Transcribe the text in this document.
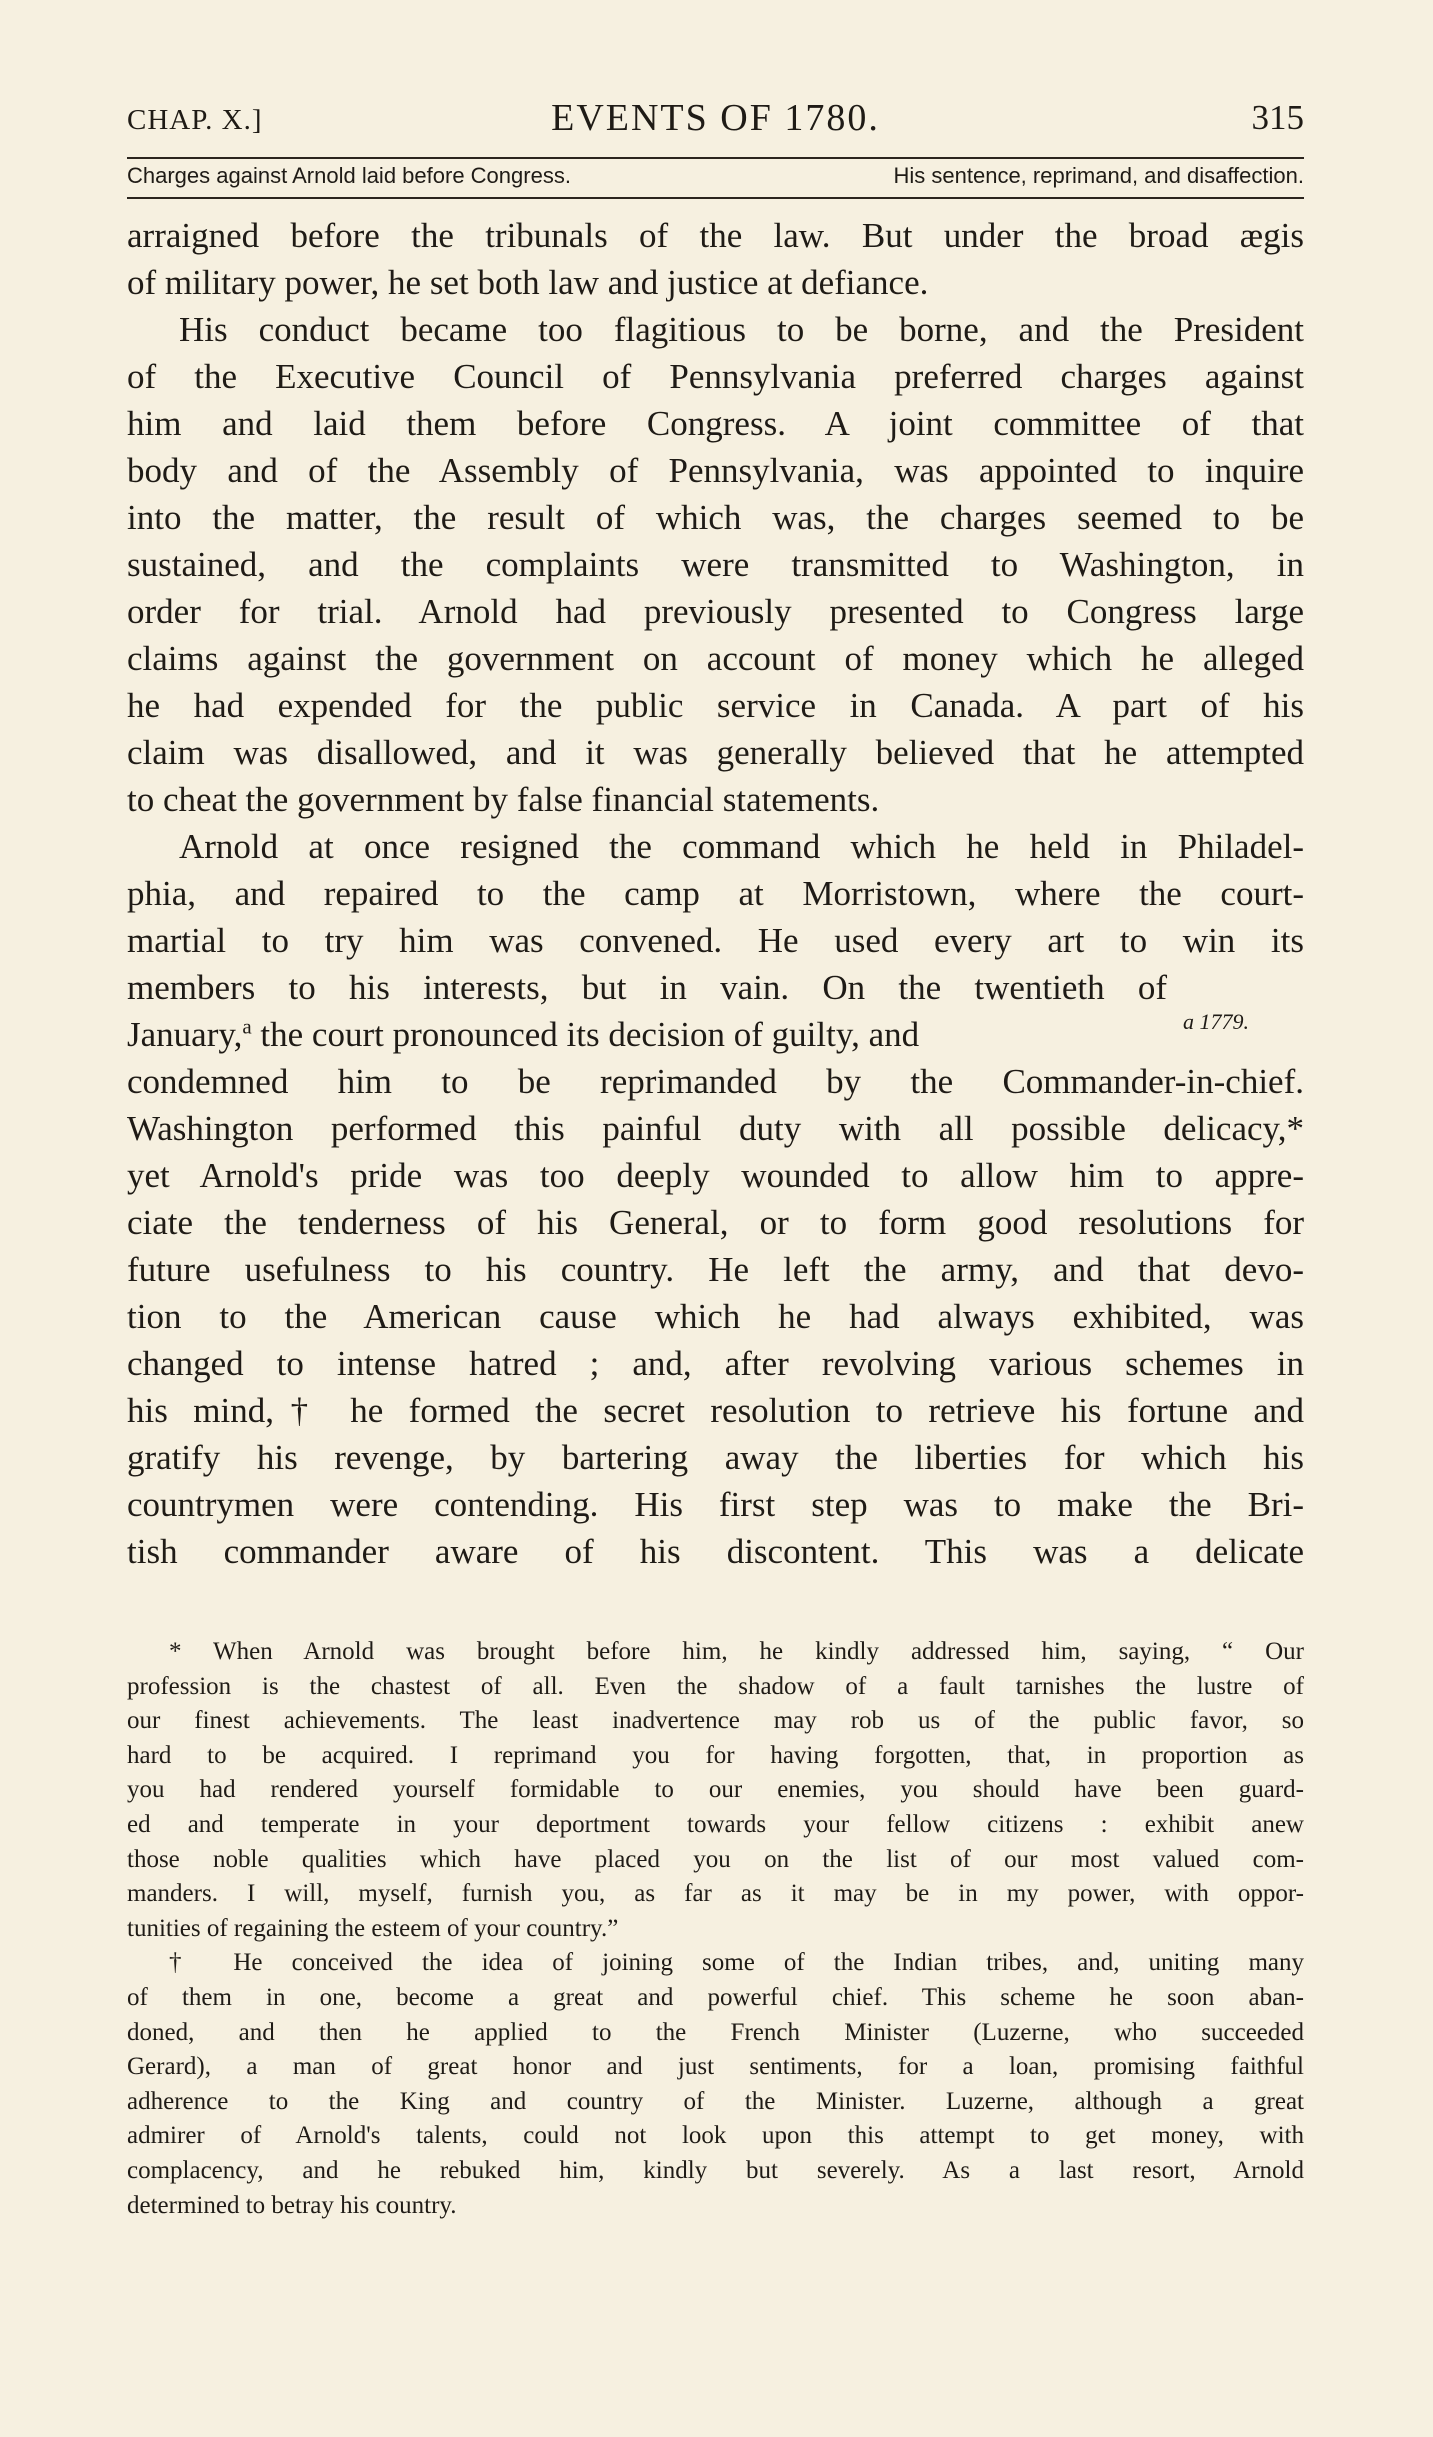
CHAP. X.]	EVENTS OF 1780.	315
Charges against Arnold laid before Congress.	His sentence, reprimand, and disaffection.
arraigned before the tribunals of the law. But under the broad ægis
of military power, he set both law and justice at defiance.
His conduct became too flagitious to be borne, and the President
of the Executive Council of Pennsylvania preferred charges against
him and laid them before Congress. A joint committee of that
body and of the Assembly of Pennsylvania, was appointed to inquire
into the matter, the result of which was, the charges seemed to be
sustained, and the complaints were transmitted to Washington, in
order for trial. Arnold had previously presented to Congress large
claims against the government on account of money which he alleged
he had expended for the public service in Canada. A part of his
claim was disallowed, and it was generally believed that he attempted
to cheat the government by false financial statements.
Arnold at once resigned the command which he held in Philadel-
phia, and repaired to the camp at Morristown, where the court-
martial to try him was convened. He used every art to win its
members to his interests, but in vain. On the twentieth of
January,$^a$ the court pronounced its decision of guilty, and
condemned him to be reprimanded by the Commander-in-chief.
Washington performed this painful duty with all possible delicacy,*
yet Arnold's pride was too deeply wounded to allow him to appre-
ciate the tenderness of his General, or to form good resolutions for
future usefulness to his country. He left the army, and that devo-
tion to the American cause which he had always exhibited, was
changed to intense hatred ; and, after revolving various schemes in
his mind,† he formed the secret resolution to retrieve his fortune and
gratify his revenge, by bartering away the liberties for which his
countrymen were contending. His first step was to make the Bri-
tish commander aware of his discontent. This was a delicate
a 1779.
* When Arnold was brought before him, he kindly addressed him, saying, “ Our
profession is the chastest of all. Even the shadow of a fault tarnishes the lustre of
our finest achievements. The least inadvertence may rob us of the public favor, so
hard to be acquired. I reprimand you for having forgotten, that, in proportion as
you had rendered yourself formidable to our enemies, you should have been guard-
ed and temperate in your deportment towards your fellow citizens : exhibit anew
those noble qualities which have placed you on the list of our most valued com-
manders. I will, myself, furnish you, as far as it may be in my power, with oppor-
tunities of regaining the esteem of your country.”
† He conceived the idea of joining some of the Indian tribes, and, uniting many
of them in one, become a great and powerful chief. This scheme he soon aban-
doned, and then he applied to the French Minister (Luzerne, who succeeded
Gerard), a man of great honor and just sentiments, for a loan, promising faithful
adherence to the King and country of the Minister. Luzerne, although a great
admirer of Arnold's talents, could not look upon this attempt to get money, with
complacency, and he rebuked him, kindly but severely. As a last resort, Arnold
determined to betray his country.
